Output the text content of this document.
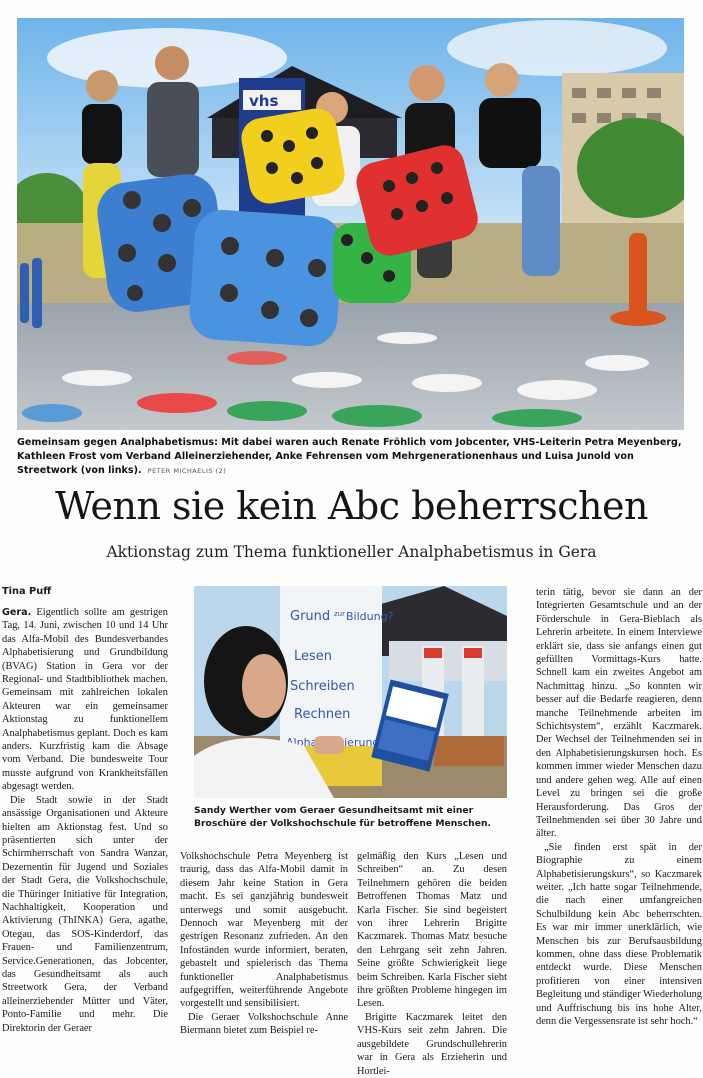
vhs
Gemeinsam gegen Analphabetismus: Mit dabei waren auch Renate Fröhlich vom Jobcenter, VHS-Leiterin Petra Meyenberg, Kathleen Frost vom Verband Alleinerziehender, Anke Fehrensen vom Mehrgenerationenhaus und Luisa Junold von Streetwork (von links). PETER MICHAELIS (2)
Wenn sie kein Abc beherrschen
Aktionstag zum Thema funktioneller Analphabetismus in Gera
Tina Puff

Gera. Eigentlich sollte am gestrigen Tag, 14. Juni, zwischen 10 und 14 Uhr das Alfa-Mobil des Bundesverbandes Alphabetisierung und Grundbildung (BVAG) Station in Gera vor der Regional- und Stadtbibliothek machen. Gemeinsam mit zahlreichen lokalen Akteuren war ein gemeinsamer Aktionstag zu funktionellem Analphabetismus geplant. Doch es kam anders. Kurzfristig kam die Absage vom Verband. Die bundesweite Tour musste aufgrund von Krankheitsfällen abgesagt werden.

Die Stadt sowie in der Stadt ansässige Organisationen und Akteure hielten am Aktionstag fest. Und so präsentierten sich unter der Schirmherrschaft von Sandra Wanzar, Dezernentin für Jugend und Soziales der Stadt Gera, die Volkshochschule, die Thüringer Initiative für Integration, Nachhaltigkeit, Kooperation und Aktivierung (ThINKA) Gera, agathe, Otegau, das SOS-Kinderdorf, das Frauen- und Familienzentrum, Service.Generationen, das Jobcenter, das Gesundheitsamt als auch Streetwork Gera, der Verband alleinerziehender Mütter und Väter, Ponto-Familie und mehr. Die Direktorin der Geraer

Grund zur Bildung?
Lesen
Schreiben
Rechnen
Sandy Werther vom Geraer Gesundheitsamt mit einer Broschüre der Volkshochschule für betroffene Menschen.

Volkshochschule Petra Meyenberg ist traurig, dass das Alfa-Mobil damit in diesem Jahr keine Station in Gera macht. Es sei ganzjährig bundesweit unterwegs und somit ausgebucht. Dennoch war Meyenberg mit der gestrigen Resonanz zufrieden. An den Infoständen wurde informiert, beraten, gebastelt und spielerisch das Thema funktioneller Analphabetismus aufgegriffen, weiterführende Angebote vorgestellt und sensibilisiert.

Die Geraer Volkshochschule Anne Biermann bietet zum Beispiel re-

gelmäßig den Kurs „Lesen und Schreiben“ an. Zu desen Teilnehmern gehören die beiden Betroffenen Thomas Matz und Karla Fischer. Sie sind begeistert von ihrer Lehrerin Brigitte Kaczmarek. Thomas Matz besuche den Lehrgang seit zehn Jahren. Seine größte Schwierigkeit liege beim Schreiben. Karla Fischer sieht ihre größten Probleme hingegen im Lesen.

Brigitte Kaczmarek leitet den VHS-Kurs seit zehn Jahren. Die ausgebildete Grundschullehrerin war in Gera als Erzieherin und Hortlei-

terin tätig, bevor sie dann an der Integrierten Gesamtschule und an der Förderschule in Gera-Bieblach als Lehrerin arbeitete. In einem Interviewe erklärt sie, dass sie anfangs einen gut gefüllten Vormittags-Kurs hatte. Schnell kam ein zweites Angebot am Nachmittag hinzu. „So konnten wir besser auf die Bedarfe reagieren, denn manche Teilnehmende arbeiten im Schichtsystem“, erzählt Kaczmarek. Der Wechsel der Teilnehmenden sei in den Alphabetisierungskursen hoch. Es kommen immer wieder Menschen dazu und andere gehen weg. Alle auf einen Level zu bringen sei die große Herausforderung. Das Gros der Teilnehmenden sei über 30 Jahre und älter.

„Sie finden erst spät in der Biographie zu einem Alphabetisierungskurs“, so Kaczmarek weiter. „Ich hatte sogar Teilnehmende, die nach einer umfangreichen Schulbildung kein Abc beherrschten. Es war mir immer unerklärlich, wie Menschen bis zur Berufsausbildung kommen, ohne dass diese Problematik entdeckt wurde. Diese Menschen profitieren von einer intensiven Begleitung und ständiger Wiederholung und Auffrischung bis ins hohe Alter, denn die Vergessensrate ist sehr hoch.“
